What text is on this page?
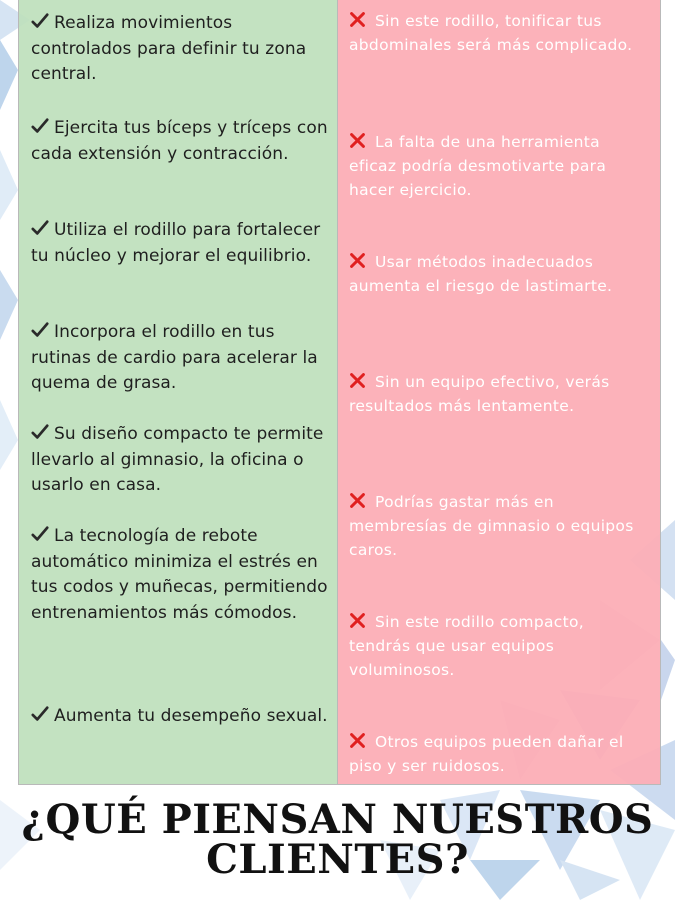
Realiza movimientos controlados para definir tu zona central.
Ejercita tus bíceps y tríceps con cada extensión y contracción.
Utiliza el rodillo para fortalecer tu núcleo y mejorar el equilibrio.
Incorpora el rodillo en tus rutinas de cardio para acelerar la quema de grasa.
Su diseño compacto te permite llevarlo al gimnasio, la oficina o usarlo en casa.
La tecnología de rebote automático minimiza el estrés en tus codos y muñecas, permitiendo entrenamientos más cómodos.
Aumenta tu desempeño sexual.
Sin este rodillo, tonificar tus abdominales será más complicado.
La falta de una herramienta eficaz podría desmotivarte para hacer ejercicio.
Usar métodos inadecuados aumenta el riesgo de lastimarte.
Sin un equipo efectivo, verás resultados más lentamente.
Podrías gastar más en membresías de gimnasio o equipos caros.
Sin este rodillo compacto, tendrás que usar equipos voluminosos.
Otros equipos pueden dañar el piso y ser ruidosos.
¿QUÉ PIENSAN NUESTROS
CLIENTES?
